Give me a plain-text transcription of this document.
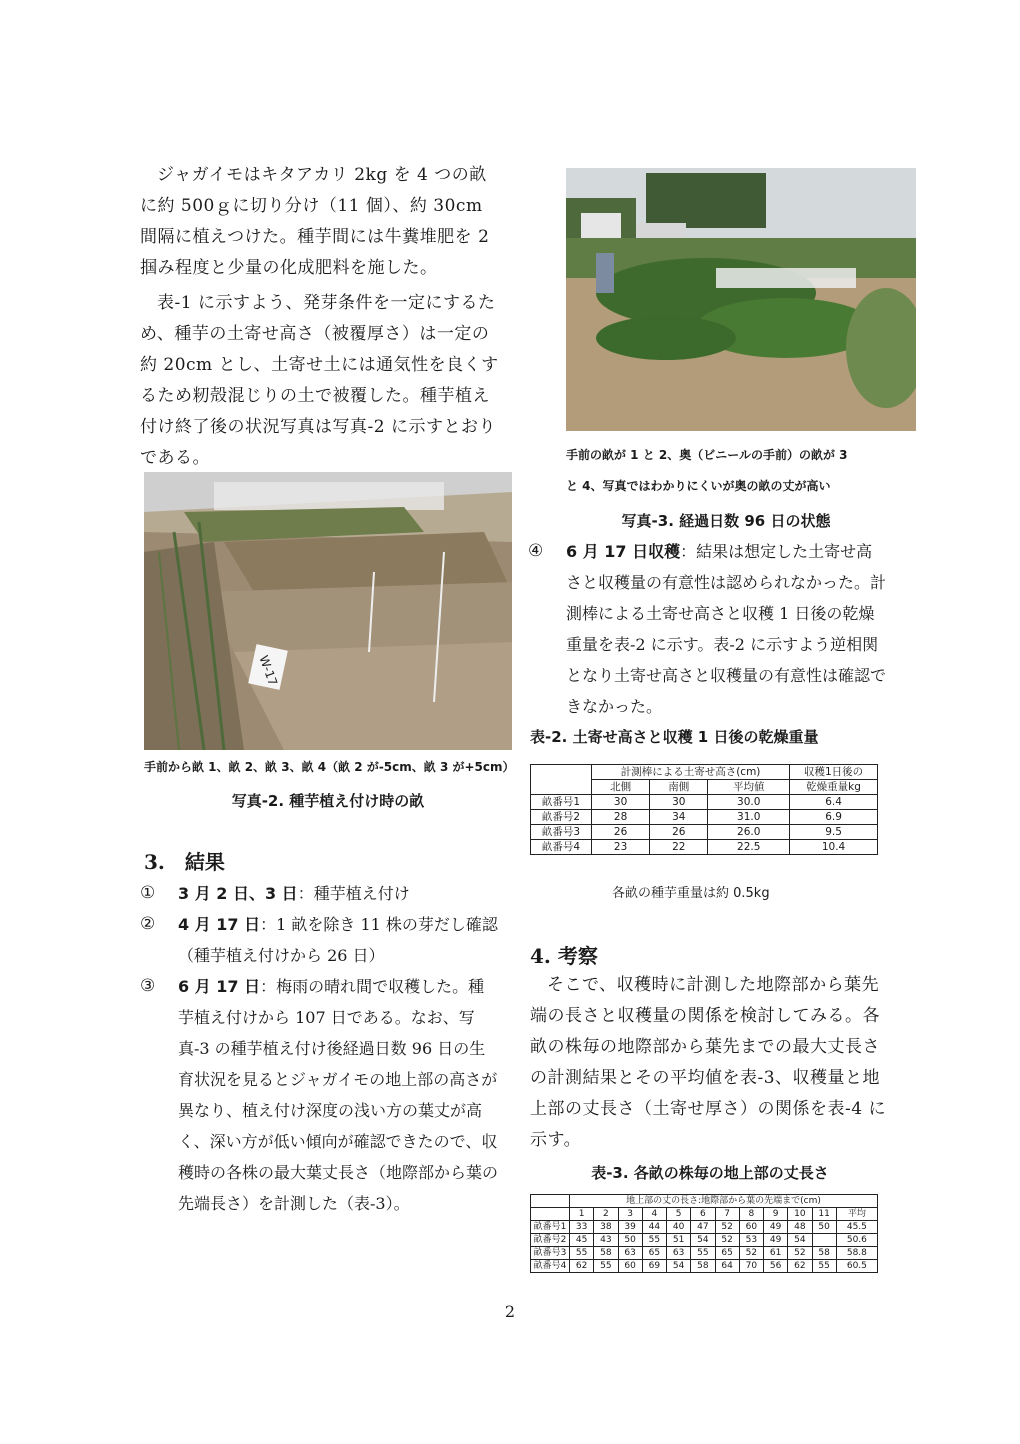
ジャガイモはキタアカリ 2kg を 4 つの畝に約 500ｇに切り分け（11 個）、約 30cm 間隔に植えつけた。種芋間には牛糞堆肥を 2 掴み程度と少量の化成肥料を施した。

表-1 に示すよう、発芽条件を一定にするため、種芋の土寄せ高さ（被覆厚さ）は一定の約 20cm とし、土寄せ土には通気性を良くするため籾殻混じりの土で被覆した。種芋植え付け終了後の状況写真は写真-2 に示すとおりである。

W-17
手前から畝 1、畝 2、畝 3、畝 4（畝 2 が-5cm、畝 3 が+5cm）
写真-2. 種芋植え付け時の畝
3.　結果
①	3 月 2 日、3 日：種芋植え付け
②	4 月 17 日：1 畝を除き 11 株の芽だし確認（種芋植え付けから 26 日）
③	6 月 17 日：梅雨の晴れ間で収穫した。種芋植え付けから 107 日である。なお、写真-3 の種芋植え付け後経過日数 96 日の生育状況を見るとジャガイモの地上部の高さが異なり、植え付け深度の浅い方の葉丈が高く、深い方が低い傾向が確認できたので、収穫時の各株の最大葉丈長さ（地際部から葉の先端長さ）を計測した（表-3）。
手前の畝が 1 と 2、奥（ビニールの手前）の畝が 3
と 4、写真ではわかりにくいが奥の畝の丈が高い
写真-3. 経過日数 96 日の状態
④	6 月 17 日収穫：結果は想定した土寄せ高さと収穫量の有意性は認められなかった。計測棒による土寄せ高さと収穫 1 日後の乾燥重量を表-2 に示す。表-2 に示すよう逆相関となり土寄せ高さと収穫量の有意性は確認できなかった。
表-2. 土寄せ高さと収穫 1 日後の乾燥重量
	計測棒による土寄せ高さ(cm)			収穫1日後の
	北側	南側	平均値	乾燥重量kg
畝番号1	30	30	30.0	6.4
畝番号2	28	34	31.0	6.9
畝番号3	26	26	26.0	9.5
畝番号4	23	22	22.5	10.4
各畝の種芋重量は約 0.5kg
4. 考察

そこで、収穫時に計測した地際部から葉先端の長さと収穫量の関係を検討してみる。各畝の株毎の地際部から葉先までの最大丈長さの計測結果とその平均値を表-3、収穫量と地上部の丈長さ（土寄せ厚さ）の関係を表-4 に示す。

表-3. 各畝の株毎の地上部の丈長さ
	地上部の丈の長さ:地際部から葉の先端まで(cm)											
	1	2	3	4	5	6	7	8	9	10	11	平均
畝番号1	33	38	39	44	40	47	52	60	49	48	50	45.5
畝番号2	45	43	50	55	51	54	52	53	49	54		50.6
畝番号3	55	58	63	65	63	55	65	52	61	52	58	58.8
畝番号4	62	55	60	69	54	58	64	70	56	62	55	60.5
2
